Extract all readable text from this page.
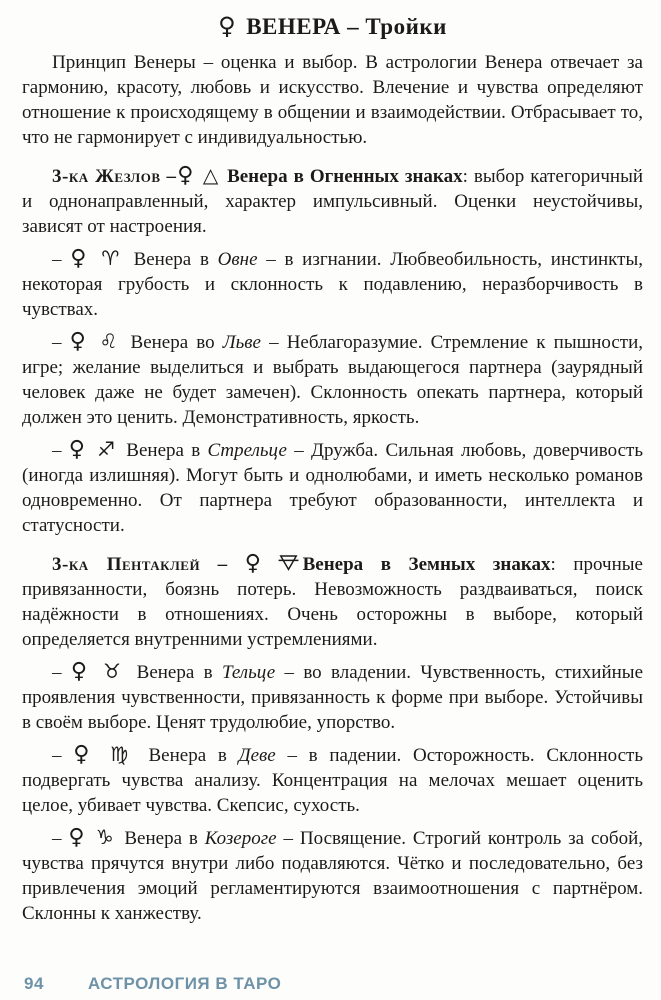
♀ ВЕНЕРА – Тройки

Принцип Венеры – оценка и выбор. В астрологии Венера отвечает за гармонию, красоту, любовь и искусство. Влечение и чувства определяют отношение к происходящему в общении и взаимодействии. Отбрасывает то, что не гармонирует с индивидуальностью.

3-ка Жезлов –♀ △ Венера в Огненных знаках: выбор категоричный и однонаправленный, характер импульсивный. Оценки неустойчивы, зависят от настроения.

– ♀ ♈ Венера в Овне – в изгнании. Любвеобильность, инстинкты, некоторая грубость и склонность к подавлению, неразборчивость в чувствах.

– ♀ ♌ Венера во Льве – Неблагоразумие. Стремление к пышности, игре; желание выделиться и выбрать выдающегося партнера (заурядный человек даже не будет замечен). Склонность опекать партнера, который должен это ценить. Демонстративность, яркость.

– ♀ ♐ Венера в Стрельце – Дружба. Сильная любовь, доверчивость (иногда излишняя). Могут быть и однолюбами, и иметь несколько романов одновременно. От партнера требуют образованности, интеллекта и статусности.

3-ка Пентаклей – ♀ Венера в Земных знаках: прочные привязанности, боязнь потерь. Невозможность раздваиваться, поиск надёжности в отношениях. Очень осторожны в выборе, который определяется внутренними устремлениями.

– ♀ ♉ Венера в Тельце – во владении. Чувственность, стихийные проявления чувственности, привязанность к форме при выборе. Устойчивы в своём выборе. Ценят трудолюбие, упорство.

– ♀ ♍ Венера в Деве – в падении. Осторожность. Склонность подвергать чувства анализу. Концентрация на мелочах мешает оценить целое, убивает чувства. Скепсис, сухость.

– ♀ ♑ Венера в Козероге – Посвящение. Строгий контроль за собой, чувства прячутся внутри либо подавляются. Чётко и последовательно, без привлечения эмоций регламентируются взаимоотношения с партнёром. Склонны к ханжеству.

94	АСТРОЛОГИЯ В ТАРО
